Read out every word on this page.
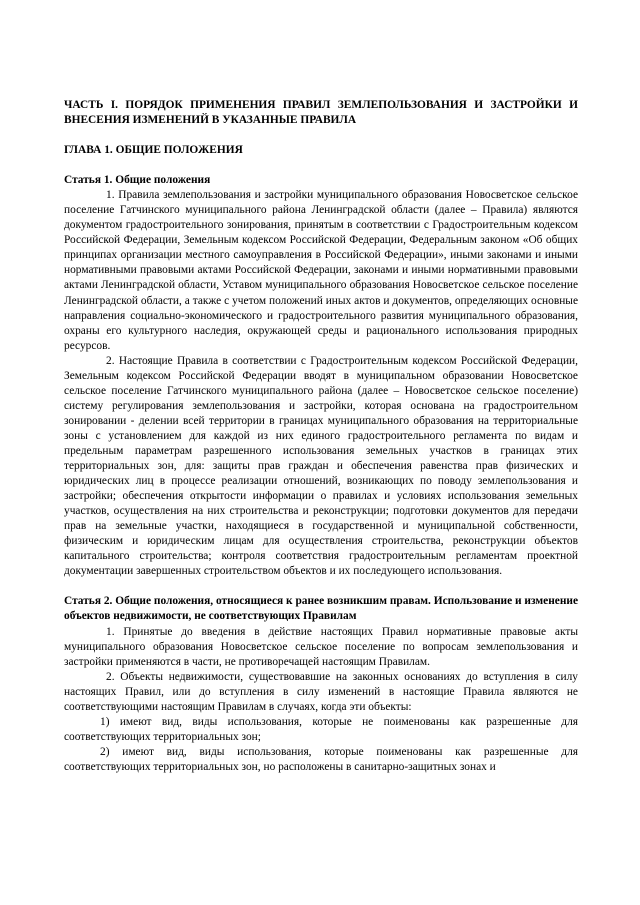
ЧАСТЬ I. ПОРЯДОК ПРИМЕНЕНИЯ ПРАВИЛ ЗЕМЛЕПОЛЬЗОВАНИЯ И ЗАСТРОЙКИ И ВНЕСЕНИЯ ИЗМЕНЕНИЙ В УКАЗАННЫЕ ПРАВИЛА
ГЛАВА 1. ОБЩИЕ ПОЛОЖЕНИЯ
Статья 1. Общие положения

1. Правила землепользования и застройки муниципального образования Новосветское сельское поселение Гатчинского муниципального района Ленинградской области (далее – Правила) являются документом градостроительного зонирования, принятым в соответствии с Градостроительным кодексом Российской Федерации, Земельным кодексом Российской Федерации, Федеральным законом «Об общих принципах организации местного самоуправления в Российской Федерации», иными законами и иными нормативными правовыми актами Российской Федерации, законами и иными нормативными правовыми актами Ленинградской области, Уставом муниципального образования Новосветское сельское поселение Ленинградской области, а также с учетом положений иных актов и документов, определяющих основные направления социально-экономического и градостроительного развития муниципального образования, охраны его культурного наследия, окружающей среды и рационального использования природных ресурсов.

2. Настоящие Правила в соответствии с Градостроительным кодексом Российской Федерации, Земельным кодексом Российской Федерации вводят в муниципальном образовании Новосветское сельское поселение Гатчинского муниципального района (далее – Новосветское сельское поселение) систему регулирования землепользования и застройки, которая основана на градостроительном зонировании - делении всей территории в границах муниципального образования на территориальные зоны с установлением для каждой из них единого градостроительного регламента по видам и предельным параметрам разрешенного использования земельных участков в границах этих территориальных зон, для: защиты прав граждан и обеспечения равенства прав физических и юридических лиц в процессе реализации отношений, возникающих по поводу землепользования и застройки; обеспечения открытости информации о правилах и условиях использования земельных участков, осуществления на них строительства и реконструкции; подготовки документов для передачи прав на земельные участки, находящиеся в государственной и муниципальной собственности, физическим и юридическим лицам для осуществления строительства, реконструкции объектов капитального строительства; контроля соответствия градостроительным регламентам проектной документации завершенных строительством объектов и их последующего использования.

Статья 2. Общие положения, относящиеся к ранее возникшим правам. Использование и изменение объектов недвижимости, не соответствующих Правилам

1. Принятые до введения в действие настоящих Правил нормативные правовые акты муниципального образования Новосветское сельское поселение по вопросам землепользования и застройки применяются в части, не противоречащей настоящим Правилам.

2. Объекты недвижимости, существовавшие на законных основаниях до вступления в силу настоящих Правил, или до вступления в силу изменений в настоящие Правила являются не соответствующими настоящим Правилам в случаях, когда эти объекты:

1) имеют вид, виды использования, которые не поименованы как разрешенные для соответствующих территориальных зон;

2) имеют вид, виды использования, которые поименованы как разрешенные для соответствующих территориальных зон, но расположены в санитарно-защитных зонах и
